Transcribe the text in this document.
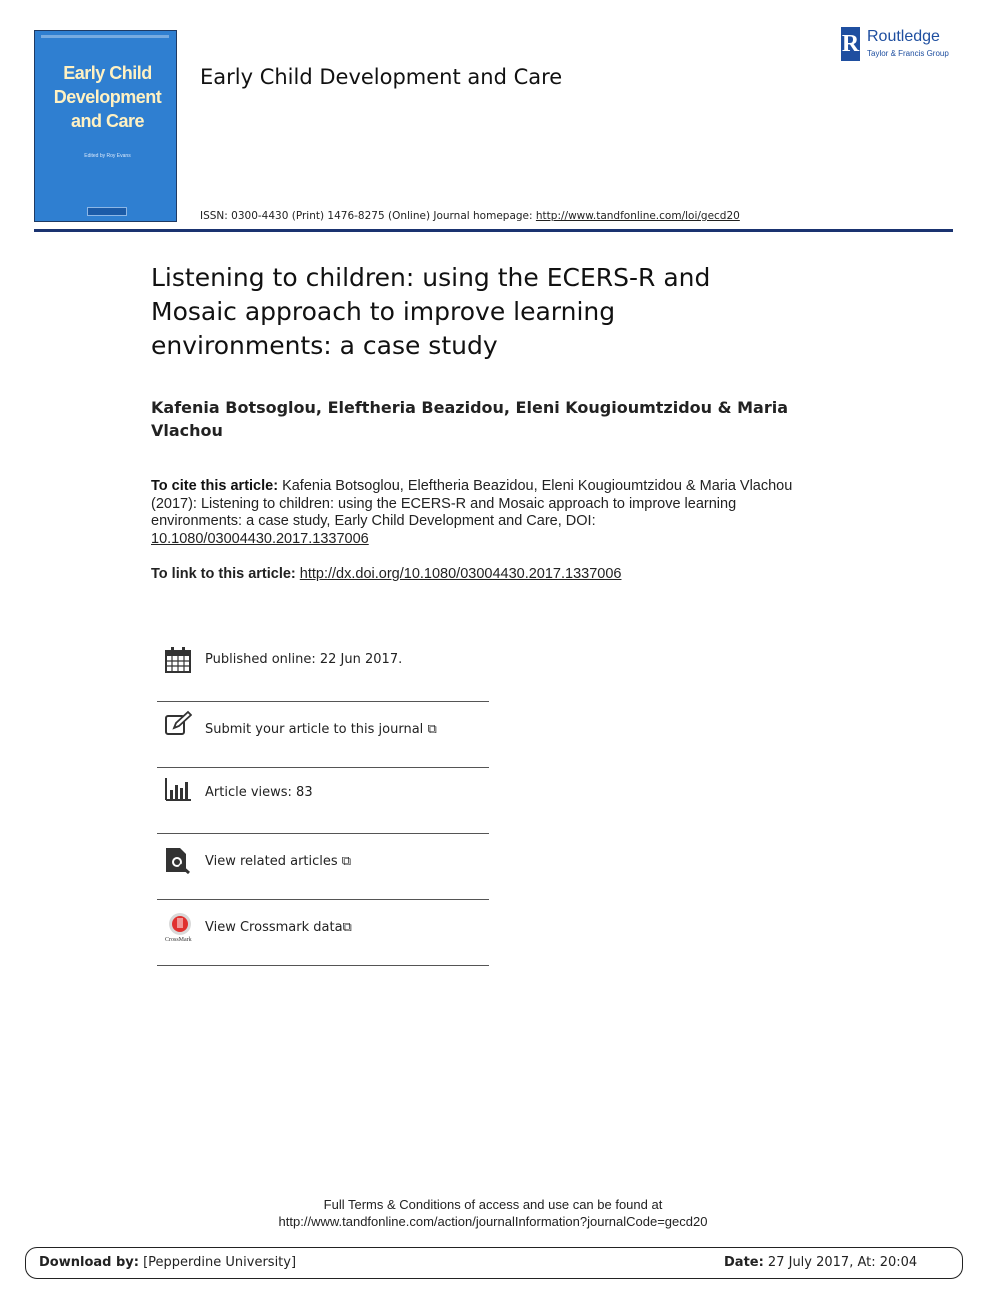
Early Child
Development
and Care
Edited by Roy Evans
Early Child Development and Care
ISSN: 0300-4430 (Print) 1476-8275 (Online) Journal homepage: http://www.tandfonline.com/loi/gecd20
R Routledge
Taylor & Francis Group
Listening to children: using the ECERS-R and Mosaic approach to improve learning environments: a case study
Kafenia Botsoglou, Eleftheria Beazidou, Eleni Kougioumtzidou & Maria Vlachou
To cite this article: Kafenia Botsoglou, Eleftheria Beazidou, Eleni Kougioumtzidou & Maria Vlachou (2017): Listening to children: using the ECERS-R and Mosaic approach to improve learning environments: a case study, Early Child Development and Care, DOI: 10.1080/03004430.2017.1337006
To link to this article: http://dx.doi.org/10.1080/03004430.2017.1337006
Published online: 22 Jun 2017.
Submit your article to this journal ⧉
Article views: 83
View related articles ⧉
CrossMark
View Crossmark data⧉
Full Terms & Conditions of access and use can be found at
http://www.tandfonline.com/action/journalInformation?journalCode=gecd20
Download by: [Pepperdine University]	Date: 27 July 2017, At: 20:04
